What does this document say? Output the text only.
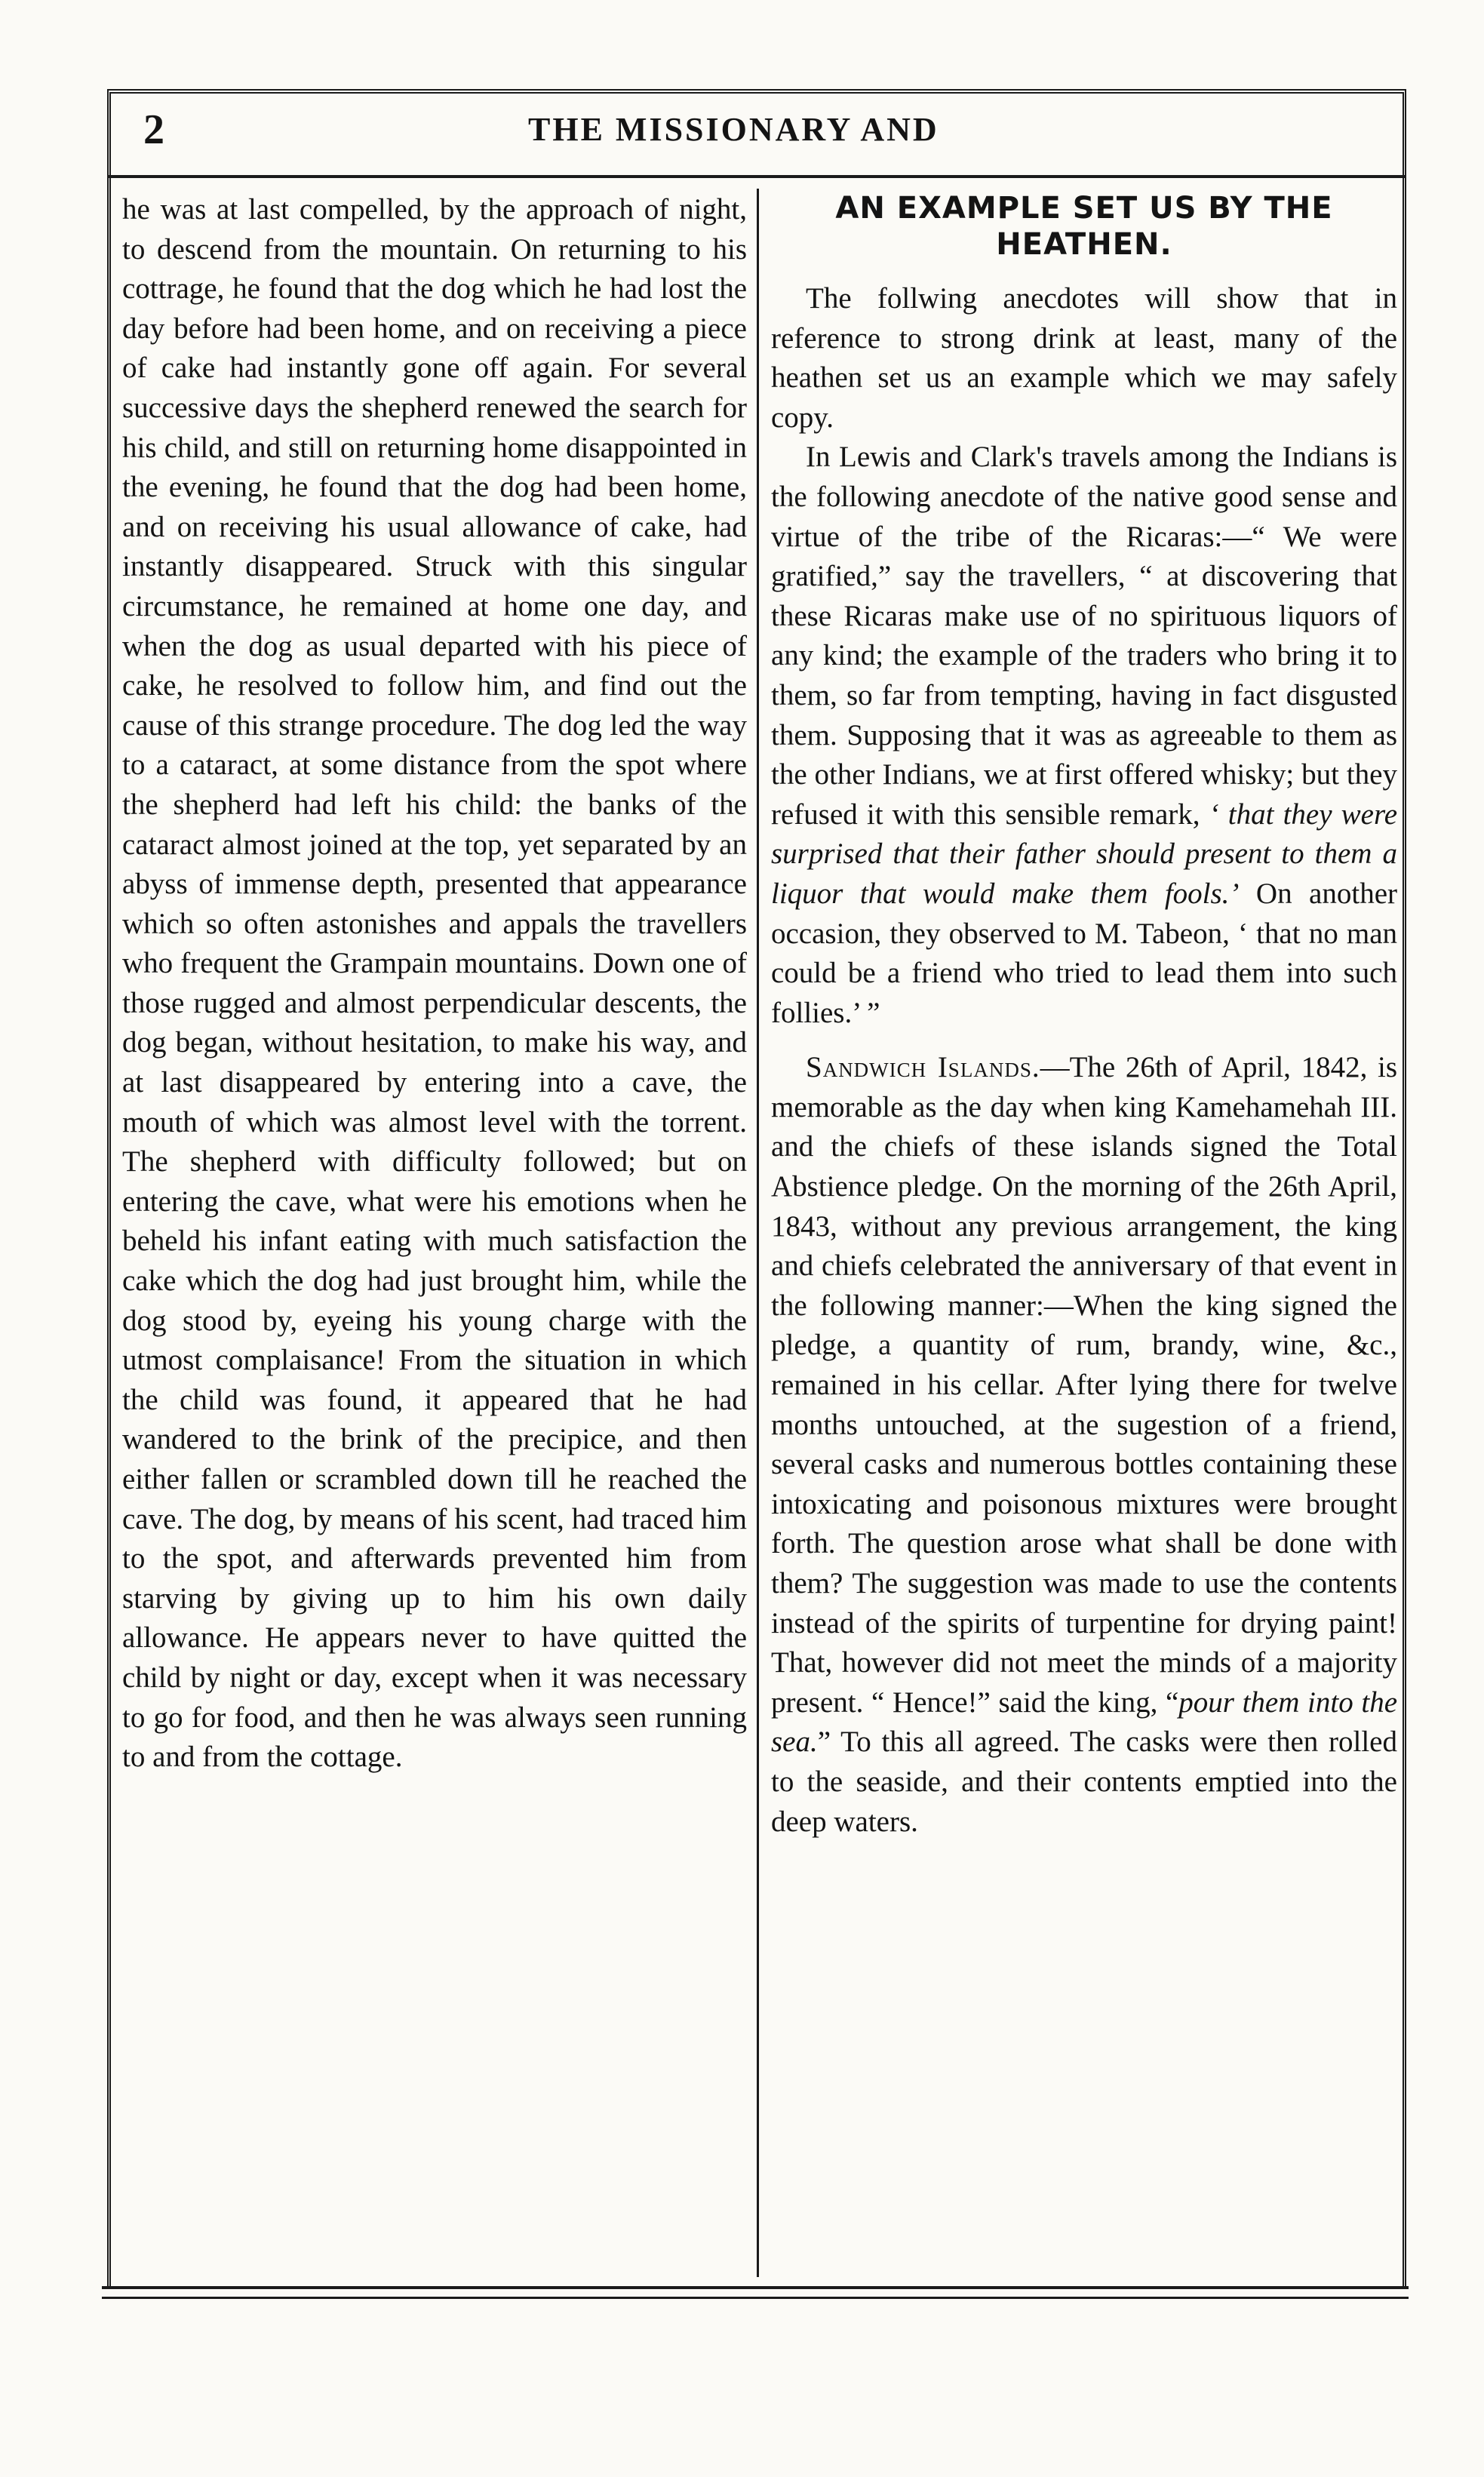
2	THE MISSIONARY AND

he was at last compelled, by the approach of night, to descend from the mountain. On returning to his cottrage, he found that the dog which he had lost the day before had been home, and on receiving a piece of cake had instantly gone off again. For several successive days the shepherd renewed the search for his child, and still on returning home disappointed in the evening, he found that the dog had been home, and on receiving his usual allowance of cake, had instantly disappeared. Struck with this singular circumstance, he remained at home one day, and when the dog as usual departed with his piece of cake, he resolved to follow him, and find out the cause of this strange procedure. The dog led the way to a cataract, at some distance from the spot where the shepherd had left his child: the banks of the cataract almost joined at the top, yet separated by an abyss of immense depth, presented that appearance which so often astonishes and appals the travellers who frequent the Grampain mountains. Down one of those rugged and almost perpendicular descents, the dog began, without hesitation, to make his way, and at last disappeared by entering into a cave, the mouth of which was almost level with the torrent. The shepherd with difficulty followed; but on entering the cave, what were his emotions when he beheld his infant eating with much satisfaction the cake which the dog had just brought him, while the dog stood by, eyeing his young charge with the utmost complaisance! From the situation in which the child was found, it appeared that he had wandered to the brink of the precipice, and then either fallen or scrambled down till he reached the cave. The dog, by means of his scent, had traced him to the spot, and afterwards prevented him from starving by giving up to him his own daily allowance. He appears never to have quitted the child by night or day, except when it was necessary to go for food, and then he was always seen running to and from the cottage.

AN EXAMPLE SET US BY THE HEATHEN.

The follwing anecdotes will show that in reference to strong drink at least, many of the heathen set us an example which we may safely copy.

In Lewis and Clark's travels among the Indians is the following anecdote of the native good sense and virtue of the tribe of the Ricaras:—“ We were gratified,” say the travellers, “ at discovering that these Ricaras make use of no spirituous liquors of any kind; the example of the traders who bring it to them, so far from tempting, having in fact disgusted them. Supposing that it was as agreeable to them as the other Indians, we at first offered whisky; but they refused it with this sensible remark, ‘ that they were surprised that their father should present to them a liquor that would make them fools.’ On another occasion, they observed to M. Tabeon, ‘ that no man could be a friend who tried to lead them into such follies.’ ”

Sandwich Islands.—The 26th of April, 1842, is memorable as the day when king Kamehamehah III. and the chiefs of these islands signed the Total Abstience pledge. On the morning of the 26th April, 1843, without any previous arrangement, the king and chiefs celebrated the anniversary of that event in the following manner:—When the king signed the pledge, a quantity of rum, brandy, wine, &c., remained in his cellar. After lying there for twelve months untouched, at the sugestion of a friend, several casks and numerous bottles containing these intoxicating and poisonous mixtures were brought forth. The question arose what shall be done with them? The suggestion was made to use the contents instead of the spirits of turpentine for drying paint! That, however did not meet the minds of a majority present. “ Hence!” said the king, “pour them into the sea.” To this all agreed. The casks were then rolled to the seaside, and their contents emptied into the deep waters.
